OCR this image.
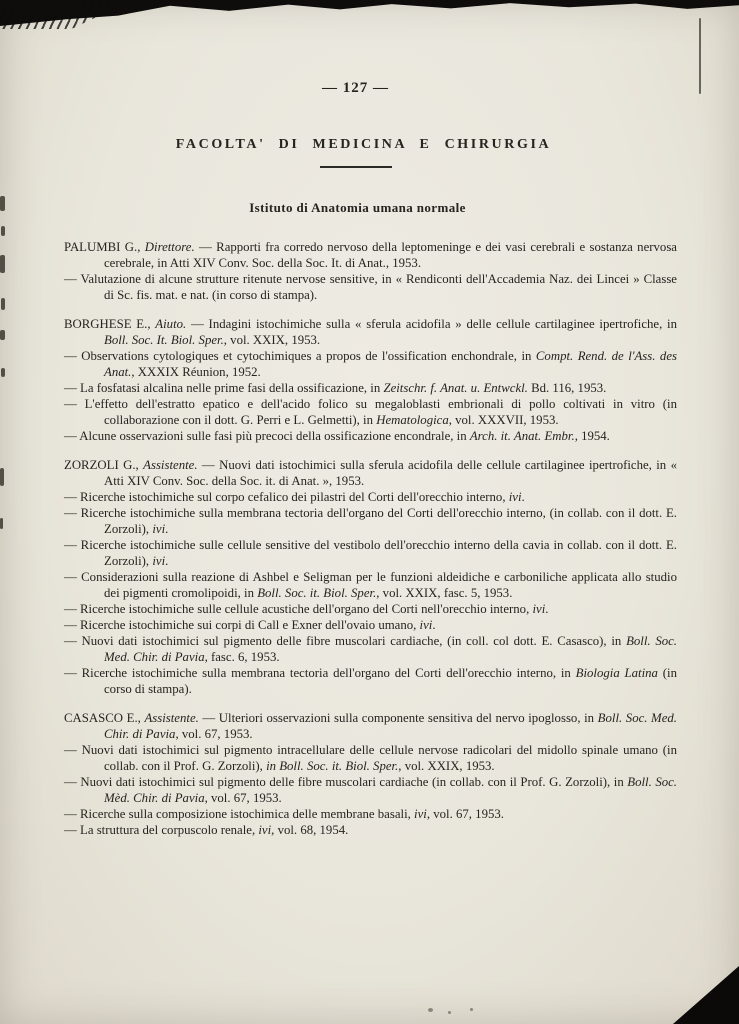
— 127 —
FACOLTA' DI MEDICINA E CHIRURGIA
Istituto di Anatomia umana normale

PALUMBI G., Direttore. — Rapporti fra corredo nervoso della leptomeninge e dei vasi cerebrali e sostanza nervosa cerebrale, in Atti XIV Conv. Soc. della Soc. It. di Anat., 1953.

— Valutazione di alcune strutture ritenute nervose sensitive, in « Rendiconti dell'Accademia Naz. dei Lincei » Classe di Sc. fis. mat. e nat. (in corso di stampa).

BORGHESE E., Aiuto. — Indagini istochimiche sulla « sferula acidofila » delle cellule cartilaginee ipertrofiche, in Boll. Soc. It. Biol. Sper., vol. XXIX, 1953.

— Observations cytologiques et cytochimiques a propos de l'ossification enchondrale, in Compt. Rend. de l'Ass. des Anat., XXXIX Réunion, 1952.

— La fosfatasi alcalina nelle prime fasi della ossificazione, in Zeitschr. f. Anat. u. Entwckl. Bd. 116, 1953.

— L'effetto dell'estratto epatico e dell'acido folico su megaloblasti embrionali di pollo coltivati in vitro (in collaborazione con il dott. G. Perri e L. Gelmetti), in Hematologica, vol. XXXVII, 1953.

— Alcune osservazioni sulle fasi più precoci della ossificazione encondrale, in Arch. it. Anat. Embr., 1954.

ZORZOLI G., Assistente. — Nuovi dati istochimici sulla sferula acidofila delle cellule cartilaginee ipertrofiche, in « Atti XIV Conv. Soc. della Soc. it. di Anat. », 1953.

— Ricerche istochimiche sul corpo cefalico dei pilastri del Corti dell'orecchio interno, ivi.

— Ricerche istochimiche sulla membrana tectoria dell'organo del Corti dell'orecchio interno, (in collab. con il dott. E. Zorzoli), ivi.

— Ricerche istochimiche sulle cellule sensitive del vestibolo dell'orecchio interno della cavia in collab. con il dott. E. Zorzoli), ivi.

— Considerazioni sulla reazione di Ashbel e Seligman per le funzioni aldeidiche e carboniliche applicata allo studio dei pigmenti cromolipoidi, in Boll. Soc. it. Biol. Sper., vol. XXIX, fasc. 5, 1953.

— Ricerche istochimiche sulle cellule acustiche dell'organo del Corti nell'orecchio interno, ivi.

— Ricerche istochimiche sui corpi di Call e Exner dell'ovaio umano, ivi.

— Nuovi dati istochimici sul pigmento delle fibre muscolari cardiache, (in coll. col dott. E. Casasco), in Boll. Soc. Med. Chir. di Pavia, fasc. 6, 1953.

— Ricerche istochimiche sulla membrana tectoria dell'organo del Corti dell'orecchio interno, in Biologia Latina (in corso di stampa).

CASASCO E., Assistente. — Ulteriori osservazioni sulla componente sensitiva del nervo ipoglosso, in Boll. Soc. Med. Chir. di Pavia, vol. 67, 1953.

— Nuovi dati istochimici sul pigmento intracellulare delle cellule nervose radicolari del midollo spinale umano (in collab. con il Prof. G. Zorzoli), in Boll. Soc. it. Biol. Sper., vol. XXIX, 1953.

— Nuovi dati istochimici sul pigmento delle fibre muscolari cardiache (in collab. con il Prof. G. Zorzoli), in Boll. Soc. Mèd. Chir. di Pavia, vol. 67, 1953.

— Ricerche sulla composizione istochimica delle membrane basali, ivi, vol. 67, 1953.

— La struttura del corpuscolo renale, ivi, vol. 68, 1954.
